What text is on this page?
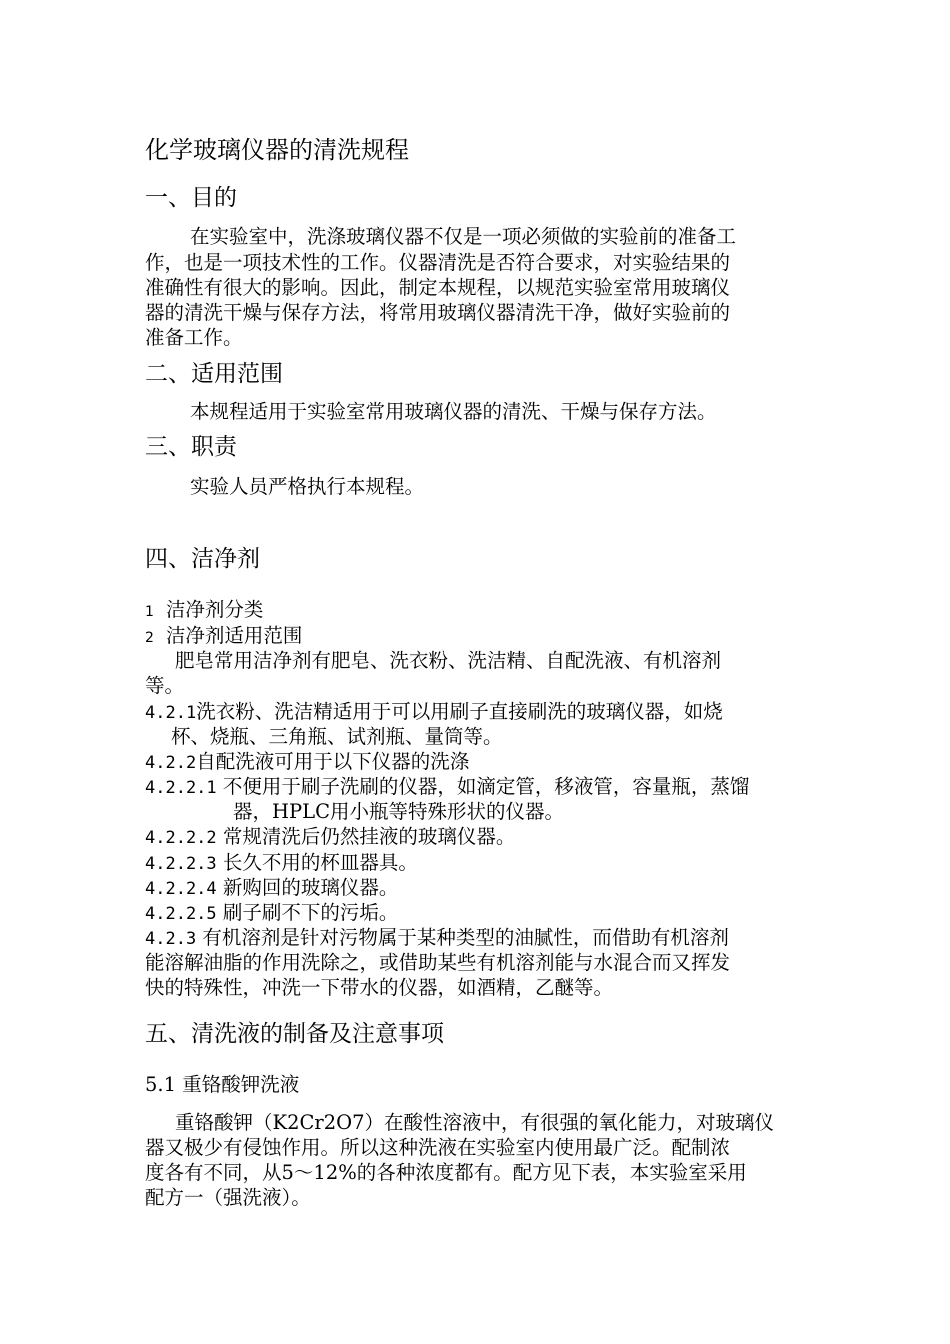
化学玻璃仪器的清洗规程
一、目的
在实验室中，洗涤玻璃仪器不仅是一项必须做的实验前的准备工
作，也是一项技术性的工作。仪器清洗是否符合要求，对实验结果的
准确性有很大的影响。因此，制定本规程，以规范实验室常用玻璃仪
器的清洗干燥与保存方法，将常用玻璃仪器清洗干净，做好实验前的
准备工作。
二、适用范围
本规程适用于实验室常用玻璃仪器的清洗、干燥与保存方法。
三、职责
实验人员严格执行本规程。
四、洁净剂
1 洁净剂分类
2 洁净剂适用范围
肥皂常用洁净剂有肥皂、洗衣粉、洗洁精、自配洗液、有机溶剂
等。
4.2.1洗衣粉、洗洁精适用于可以用刷子直接刷洗的玻璃仪器，如烧
杯、烧瓶、三角瓶、试剂瓶、量筒等。
4.2.2自配洗液可用于以下仪器的洗涤
4.2.2.1 不便用于刷子洗刷的仪器，如滴定管，移液管，容量瓶，蒸馏
器，HPLC用小瓶等特殊形状的仪器。
4.2.2.2 常规清洗后仍然挂液的玻璃仪器。
4.2.2.3 长久不用的杯皿器具。
4.2.2.4 新购回的玻璃仪器。
4.2.2.5 刷子刷不下的污垢。
4.2.3 有机溶剂是针对污物属于某种类型的油腻性，而借助有机溶剂
能溶解油脂的作用洗除之，或借助某些有机溶剂能与水混合而又挥发
快的特殊性，冲洗一下带水的仪器，如酒精，乙醚等。
五、清洗液的制备及注意事项
5.1 重铬酸钾洗液
重铬酸钾（K2Cr2O7）在酸性溶液中，有很强的氧化能力，对玻璃仪
器又极少有侵蚀作用。所以这种洗液在实验室内使用最广泛。配制浓
度各有不同，从5～12%的各种浓度都有。配方见下表，本实验室采用
配方一（强洗液）。
